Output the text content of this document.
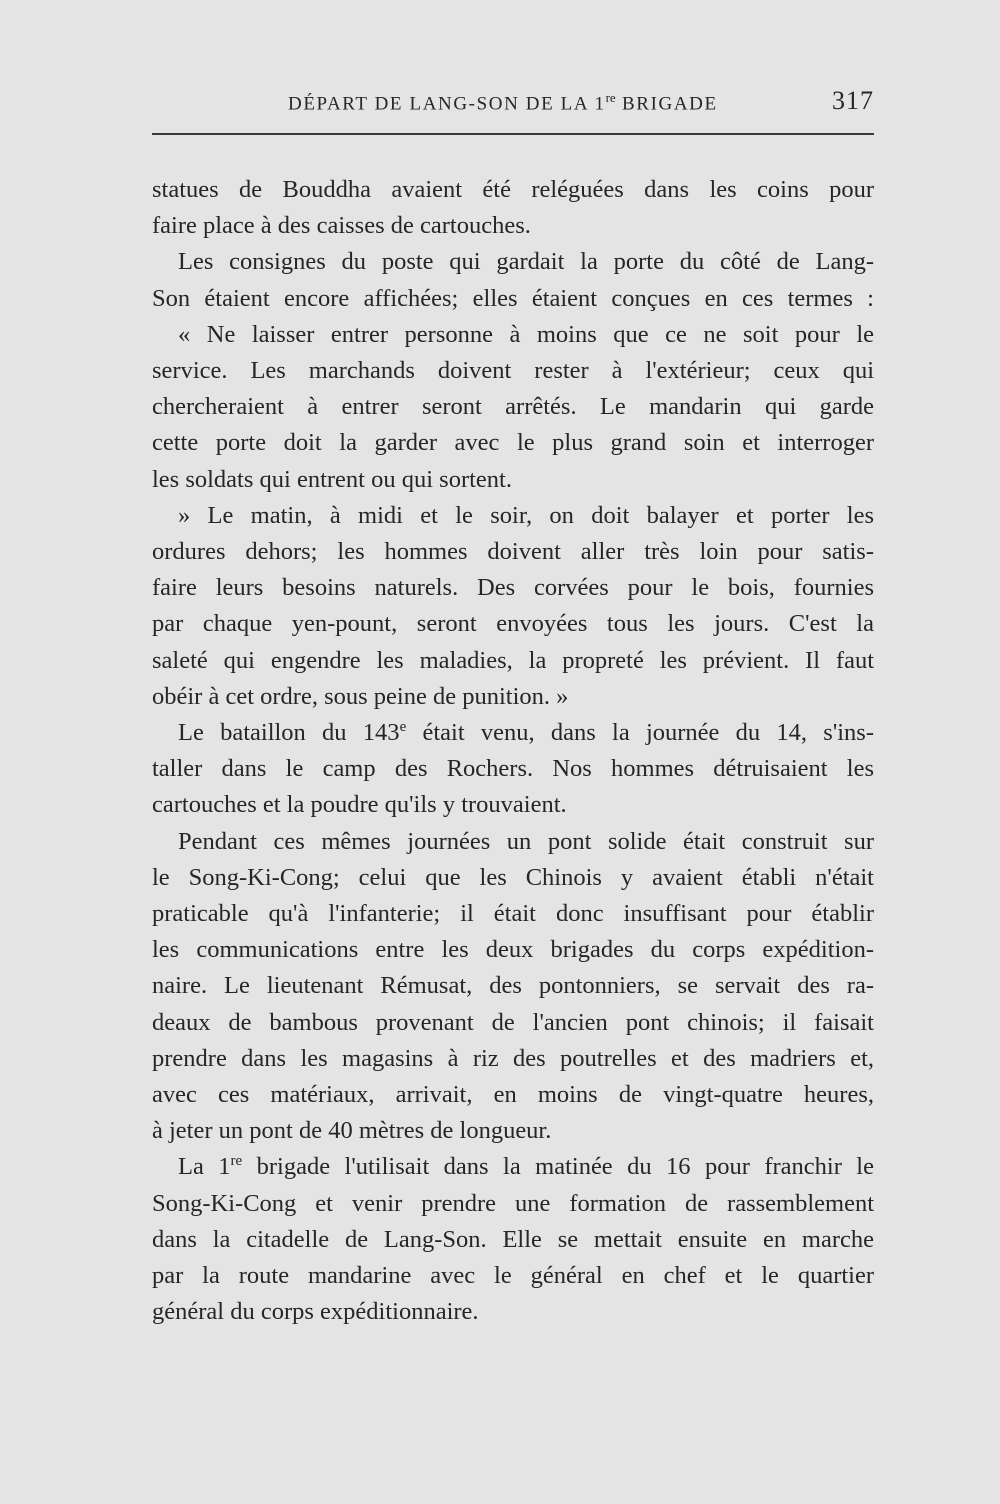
DÉPART DE LANG-SON DE LA 1re BRIGADE	317
statues de Bouddha avaient été reléguées dans les coins pour
faire place à des caisses de cartouches.
Les consignes du poste qui gardait la porte du côté de Lang-
Son étaient encore affichées; elles étaient conçues en ces termes :
« Ne laisser entrer personne à moins que ce ne soit pour le
service. Les marchands doivent rester à l'extérieur; ceux qui
chercheraient à entrer seront arrêtés. Le mandarin qui garde
cette porte doit la garder avec le plus grand soin et interroger
les soldats qui entrent ou qui sortent.
» Le matin, à midi et le soir, on doit balayer et porter les
ordures dehors; les hommes doivent aller très loin pour satis-
faire leurs besoins naturels. Des corvées pour le bois, fournies
par chaque yen-pount, seront envoyées tous les jours. C'est la
saleté qui engendre les maladies, la propreté les prévient. Il faut
obéir à cet ordre, sous peine de punition. »
Le bataillon du 143e était venu, dans la journée du 14, s'ins-
taller dans le camp des Rochers. Nos hommes détruisaient les
cartouches et la poudre qu'ils y trouvaient.
Pendant ces mêmes journées un pont solide était construit sur
le Song-Ki-Cong; celui que les Chinois y avaient établi n'était
praticable qu'à l'infanterie; il était donc insuffisant pour établir
les communications entre les deux brigades du corps expédition-
naire. Le lieutenant Rémusat, des pontonniers, se servait des ra-
deaux de bambous provenant de l'ancien pont chinois; il faisait
prendre dans les magasins à riz des poutrelles et des madriers et,
avec ces matériaux, arrivait, en moins de vingt-quatre heures,
à jeter un pont de 40 mètres de longueur.
La 1re brigade l'utilisait dans la matinée du 16 pour franchir le
Song-Ki-Cong et venir prendre une formation de rassemblement
dans la citadelle de Lang-Son. Elle se mettait ensuite en marche
par la route mandarine avec le général en chef et le quartier
général du corps expéditionnaire.
